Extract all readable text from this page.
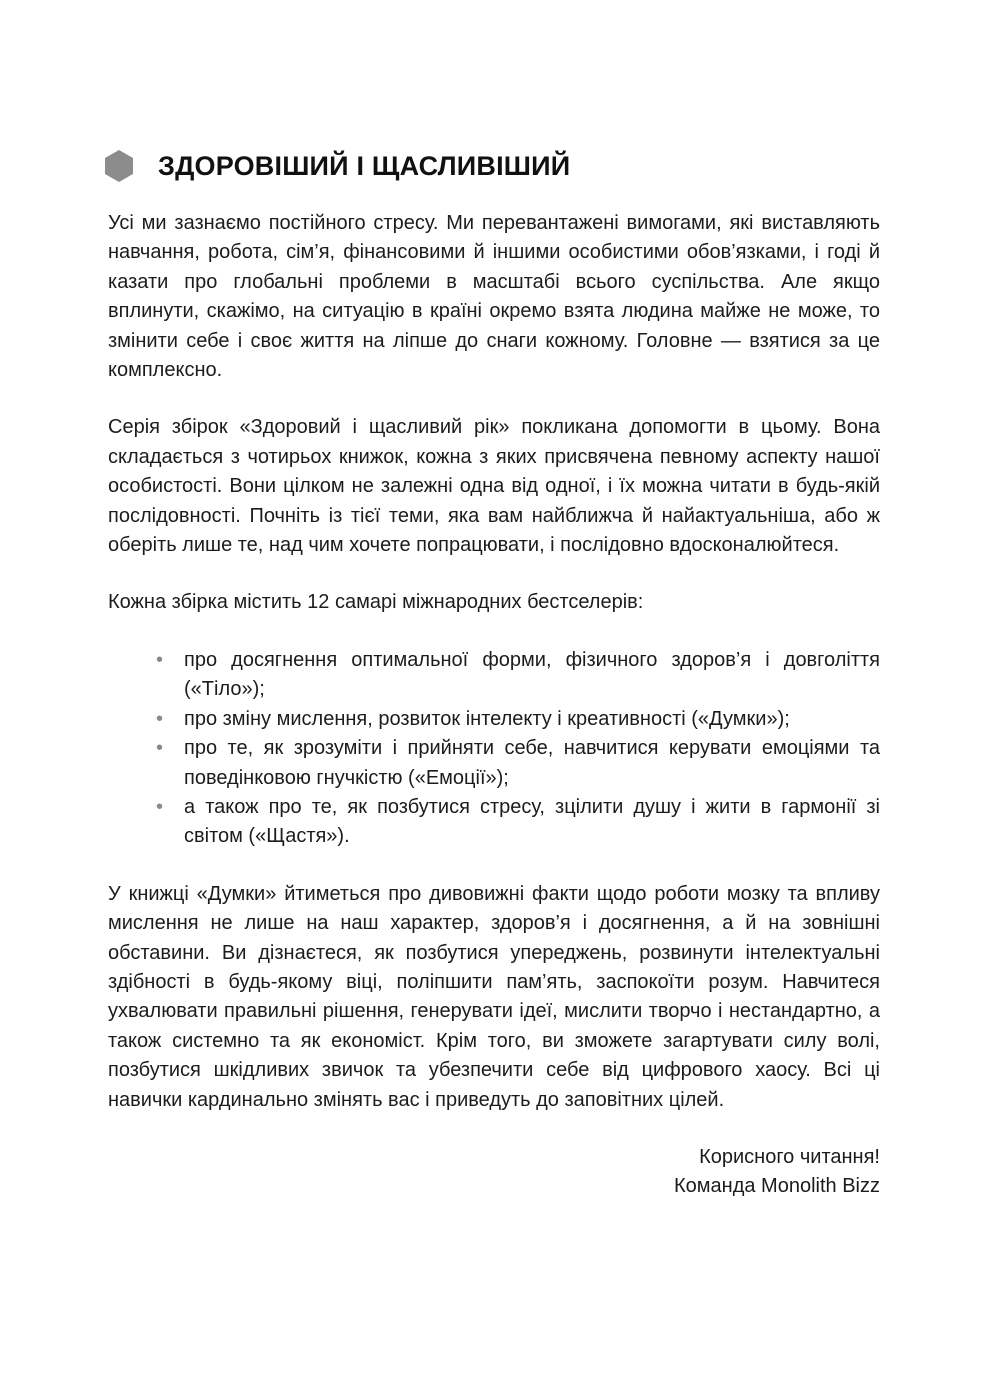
ЗДОРОВІШИЙ І ЩАСЛИВІШИЙ

Усі ми зазнаємо постійного стресу. Ми перевантажені вимогами, які виставляють навчання, робота, сім’я, фінансовими й іншими особистими обов’язками, і годі й казати про глобальні проблеми в масштабі всього суспільства. Але якщо вплинути, скажімо, на ситуацію в країні окремо взята людина майже не може, то змінити себе і своє життя на ліпше до снаги кожному. Головне — взятися за це комплексно.

Серія збірок «Здоровий і щасливий рік» покликана допомогти в цьому. Вона складається з чотирьох книжок, кожна з яких присвячена певному аспекту нашої особистості. Вони цілком не залежні одна від одної, і їх можна читати в будь-якій послідовності. Почніть із тієї теми, яка вам найближча й найактуальніша, або ж оберіть лише те, над чим хочете попрацювати, і послідовно вдосконалюйтеся.

Кожна збірка містить 12 самарі міжнародних бестселерів:

• про досягнення оптимальної форми, фізичного здоров’я і довголіття («Тіло»);
• про зміну мислення, розвиток інтелекту і креативності («Думки»);
• про те, як зрозуміти і прийняти себе, навчитися керувати емоціями та поведінковою гнучкістю («Емоції»);
• а також про те, як позбутися стресу, зцілити душу і жити в гармонії зі світом («Щастя»).

У книжці «Думки» йтиметься про дивовижні факти щодо роботи мозку та впливу мислення не лише на наш характер, здоров’я і досягнення, а й на зовнішні обставини. Ви дізнаєтеся, як позбутися упереджень, розвинути інтелектуальні здібності в будь-якому віці, поліпшити пам’ять, заспокоїти розум. Навчитеся ухвалювати правильні рішення, генерувати ідеї, мислити творчо і нестандартно, а також системно та як економіст. Крім того, ви зможете загартувати силу волі, позбутися шкідливих звичок та убезпечити себе від цифрового хаосу. Всі ці навички кардинально змінять вас і приведуть до заповітних цілей.

Корисного читання!

Команда Monolith Bizz
